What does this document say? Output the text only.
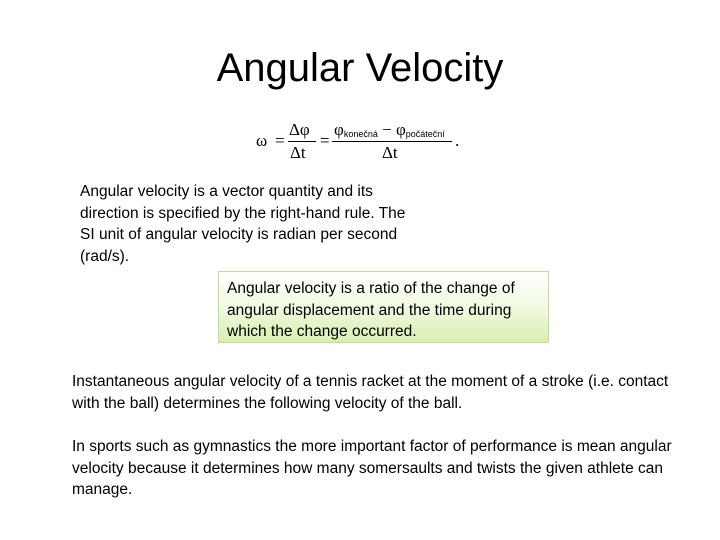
Angular Velocity
ω =
Δφ
Δt
=
$\varphi_{konečná} - \varphi_{počáteční}$
Δt
.

Angular velocity is a vector quantity and its direction is specified by the right-hand rule. The SI unit of angular velocity is radian per second (rad/s).

Angular velocity is a ratio of the change of angular displacement and the time during which the change occurred.

Instantaneous angular velocity of a tennis racket at the moment of a stroke (i.e. contact with the ball) determines the following velocity of the ball.

In sports such as gymnastics the more important factor of performance is mean angular velocity because it determines how many somersaults and twists the given athlete can manage.
